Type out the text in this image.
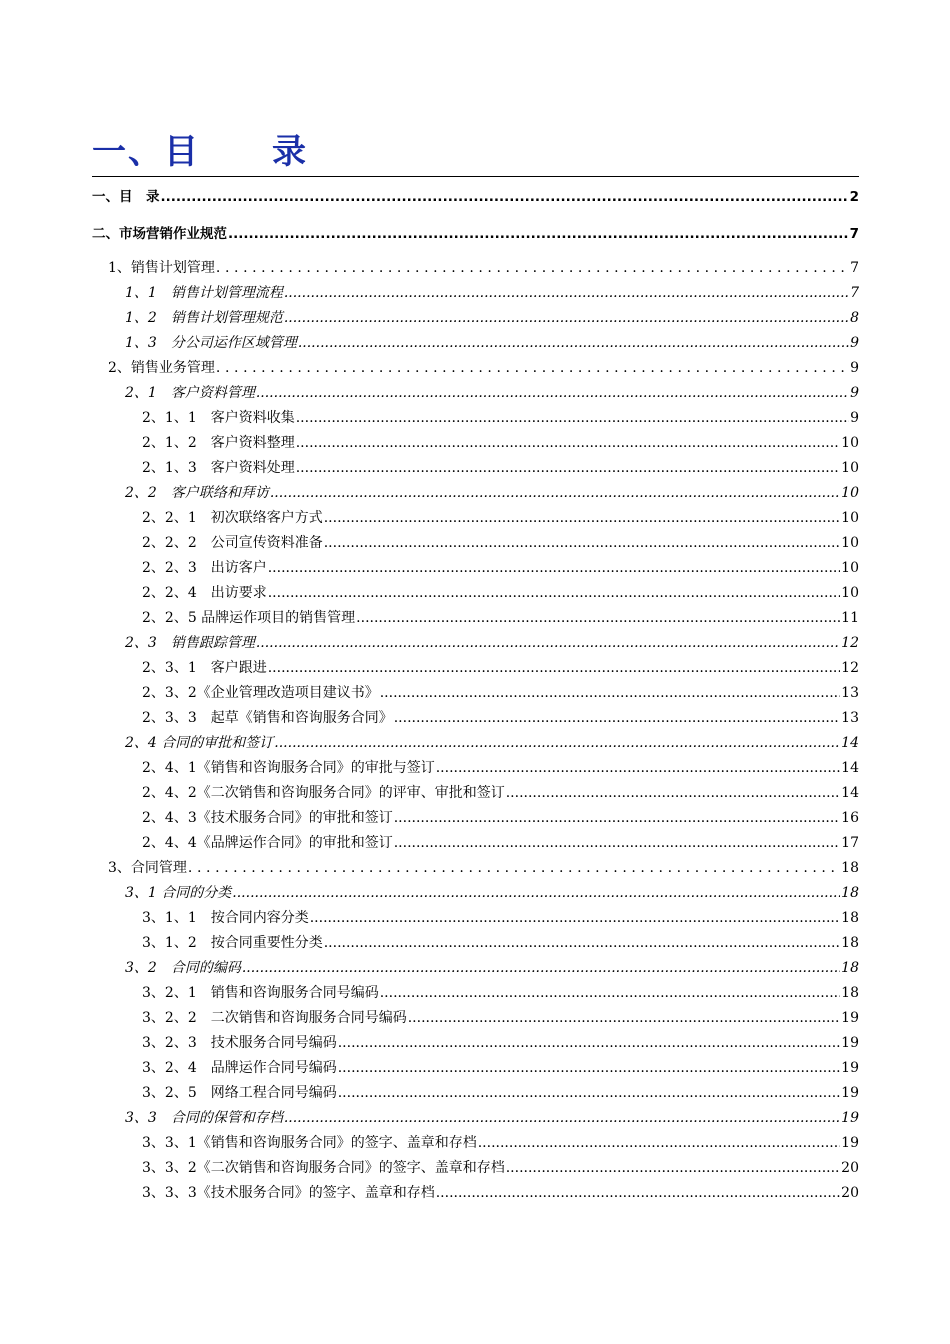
一、目　　录
一、目　录 .....	2
二、市场营销作业规范 .....	7
1、销售计划管理 .....	7
1、1　销售计划管理流程 .....	7
1、2　销售计划管理规范 .....	8
1、3　分公司运作区域管理 .....	9
2、销售业务管理 .....	9
2、1　客户资料管理 .....	9
2、1、1　客户资料收集 .....	9
2、1、2　客户资料整理 .....	10
2、1、3　客户资料处理 .....	10
2、2　客户联络和拜访 .....	10
2、2、1　初次联络客户方式 .....	10
2、2、2　公司宣传资料准备 .....	10
2、2、3　出访客户 .....	10
2、2、4　出访要求 .....	10
2、2、5 品牌运作项目的销售管理 .....	11
2、3　销售跟踪管理 .....	12
2、3、1　客户跟进 .....	12
2、3、2《企业管理改造项目建议书》 .....	13
2、3、3　起草《销售和咨询服务合同》 .....	13
2、4 合同的审批和签订 .....	14
2、4、1《销售和咨询服务合同》的审批与签订 .....	14
2、4、2《二次销售和咨询服务合同》的评审、审批和签订 .....	14
2、4、3《技术服务合同》的审批和签订 .....	16
2、4、4《品牌运作合同》的审批和签订 .....	17
3、合同管理 .....	18
3、1 合同的分类 .....	18
3、1、1　按合同内容分类 .....	18
3、1、2　按合同重要性分类 .....	18
3、2　合同的编码 .....	18
3、2、1　销售和咨询服务合同号编码 .....	18
3、2、2　二次销售和咨询服务合同号编码 .....	19
3、2、3　技术服务合同号编码 .....	19
3、2、4　品牌运作合同号编码 .....	19
3、2、5　网络工程合同号编码 .....	19
3、3　合同的保管和存档 .....	19
3、3、1《销售和咨询服务合同》的签字、盖章和存档 .....	19
3、3、2《二次销售和咨询服务合同》的签字、盖章和存档 .....	20
3、3、3《技术服务合同》的签字、盖章和存档 .....	20
